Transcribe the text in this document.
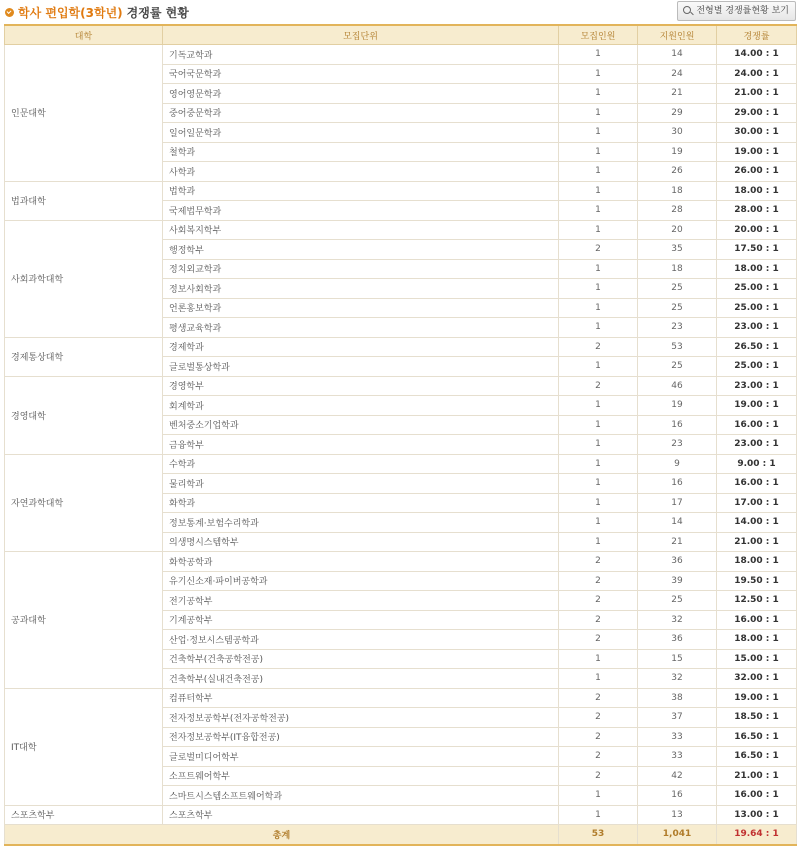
학사 편입학(3학년) 경쟁률 현황	전형별 경쟁률현황 보기
대학	모집단위	모집인원	지원인원	경쟁률
인문대학	기독교학과	1	14	14.00 : 1
	국어국문학과	1	24	24.00 : 1
	영어영문학과	1	21	21.00 : 1
	중어중문학과	1	29	29.00 : 1
	일어일문학과	1	30	30.00 : 1
	철학과	1	19	19.00 : 1
	사학과	1	26	26.00 : 1
법과대학	법학과	1	18	18.00 : 1
	국제법무학과	1	28	28.00 : 1
사회과학대학	사회복지학부	1	20	20.00 : 1
	행정학부	2	35	17.50 : 1
	정치외교학과	1	18	18.00 : 1
	정보사회학과	1	25	25.00 : 1
	언론홍보학과	1	25	25.00 : 1
	평생교육학과	1	23	23.00 : 1
경제통상대학	경제학과	2	53	26.50 : 1
	글로벌통상학과	1	25	25.00 : 1
경영대학	경영학부	2	46	23.00 : 1
	회계학과	1	19	19.00 : 1
	벤처중소기업학과	1	16	16.00 : 1
	금융학부	1	23	23.00 : 1
자연과학대학	수학과	1	9	9.00 : 1
	물리학과	1	16	16.00 : 1
	화학과	1	17	17.00 : 1
	정보통계·보험수리학과	1	14	14.00 : 1
	의생명시스템학부	1	21	21.00 : 1
공과대학	화학공학과	2	36	18.00 : 1
	유기신소재·파이버공학과	2	39	19.50 : 1
	전기공학부	2	25	12.50 : 1
	기계공학부	2	32	16.00 : 1
	산업·정보시스템공학과	2	36	18.00 : 1
	건축학부(건축공학전공)	1	15	15.00 : 1
	건축학부(실내건축전공)	1	32	32.00 : 1
IT대학	컴퓨터학부	2	38	19.00 : 1
	전자정보공학부(전자공학전공)	2	37	18.50 : 1
	전자정보공학부(IT융합전공)	2	33	16.50 : 1
	글로벌미디어학부	2	33	16.50 : 1
	소프트웨어학부	2	42	21.00 : 1
	스마트시스템소프트웨어학과	1	16	16.00 : 1
스포츠학부	스포츠학부	1	13	13.00 : 1
총계		53	1,041	19.64 : 1
